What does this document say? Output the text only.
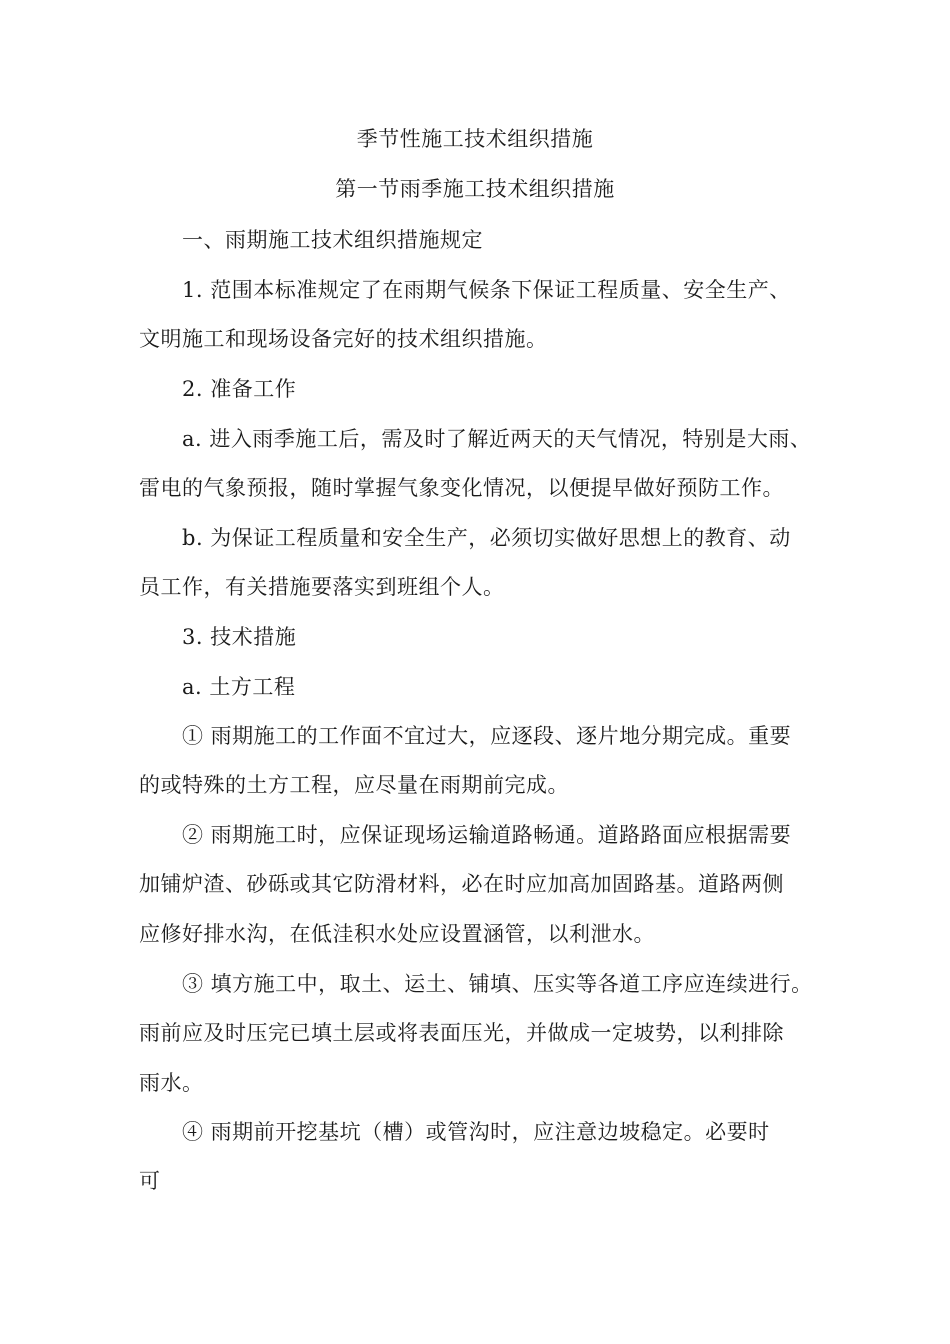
季节性施工技术组织措施
第一节雨季施工技术组织措施
一、雨期施工技术组织措施规定
1. 范围本标准规定了在雨期气候条下保证工程质量、安全生产、
文明施工和现场设备完好的技术组织措施。
2. 准备工作
a. 进入雨季施工后，需及时了解近两天的天气情况，特别是大雨、
雷电的气象预报，随时掌握气象变化情况，以便提早做好预防工作。
b. 为保证工程质量和安全生产，必须切实做好思想上的教育、动
员工作，有关措施要落实到班组个人。
3. 技术措施
a. 土方工程
① 雨期施工的工作面不宜过大，应逐段、逐片地分期完成。重要
的或特殊的土方工程，应尽量在雨期前完成。
② 雨期施工时，应保证现场运输道路畅通。道路路面应根据需要
加铺炉渣、砂砾或其它防滑材料，必在时应加高加固路基。道路两侧
应修好排水沟，在低洼积水处应设置涵管，以利泄水。
③ 填方施工中，取土、运土、铺填、压实等各道工序应连续进行。
雨前应及时压完已填土层或将表面压光，并做成一定坡势，以利排除
雨水。
④ 雨期前开挖基坑（槽）或管沟时，应注意边坡稳定。必要时
可
